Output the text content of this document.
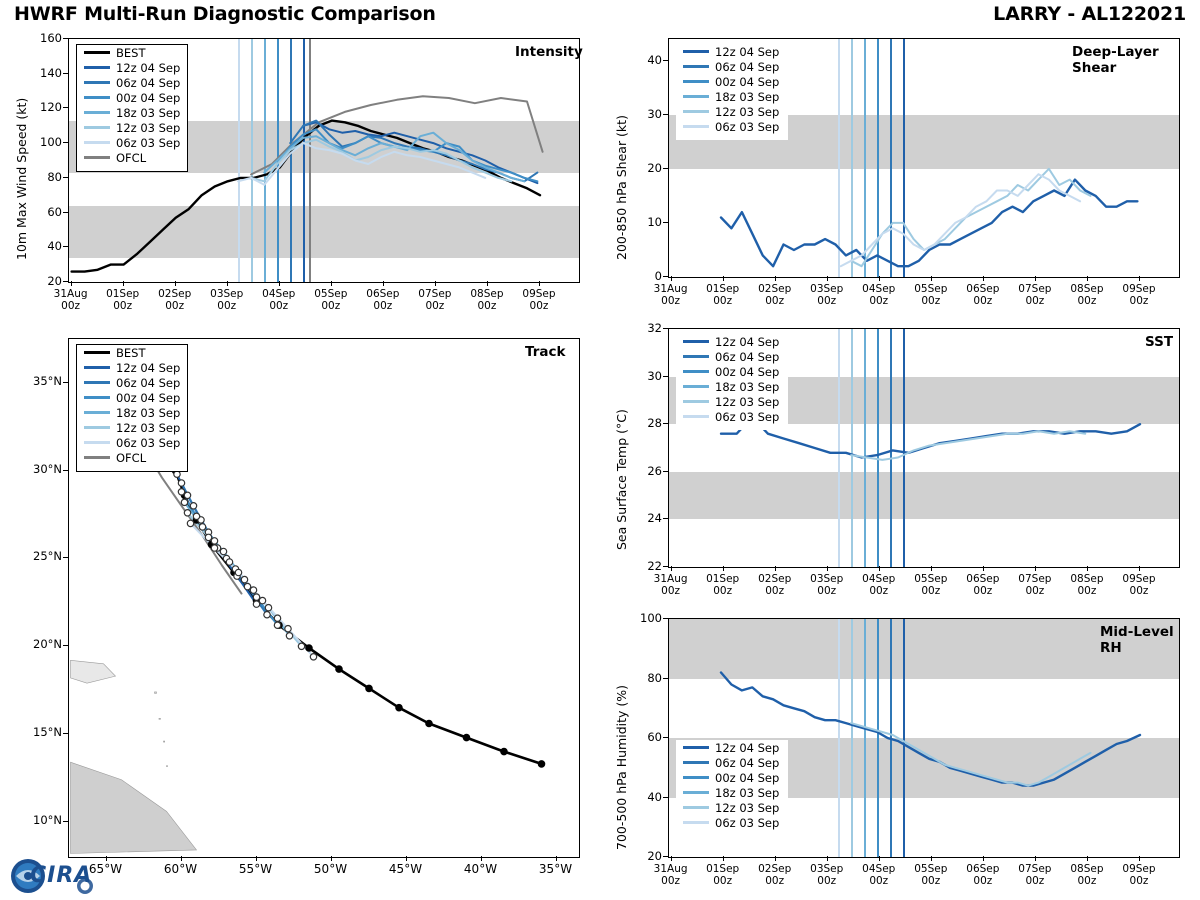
HWRF Multi-Run Diagnostic Comparison	LARRY - AL122021
10m Max Wind Speed (kt)
Intensity
BEST
12z 04 Sep
06z 04 Sep
00z 04 Sep
18z 03 Sep
12z 03 Sep
06z 03 Sep
OFCL
20
40
60
80
100
120
140
160
31Aug
00z
01Sep
00z
02Sep
00z
03Sep
00z
04Sep
00z
05Sep
00z
06Sep
00z
07Sep
00z
08Sep
00z
09Sep
00z
Track
BEST
12z 04 Sep
06z 04 Sep
00z 04 Sep
18z 03 Sep
12z 03 Sep
06z 03 Sep
OFCL
CIRA
10°N
15°N
20°N
25°N
30°N
35°N
65°W	60°W	55°W	50°W	45°W	40°W	35°W
200-850 hPa Shear (kt)
Deep-Layer Shear
12z 04 Sep
06z 04 Sep
00z 04 Sep
18z 03 Sep
12z 03 Sep
06z 03 Sep
0
10
20
30
40
31Aug
00z
01Sep
00z
02Sep
00z
03Sep
00z
04Sep
00z
05Sep
00z
06Sep
00z
07Sep
00z
08Sep
00z
09Sep
00z
Sea Surface Temp (°C)
SST
12z 04 Sep
06z 04 Sep
00z 04 Sep
18z 03 Sep
12z 03 Sep
06z 03 Sep
22
24
26
28
30
32
31Aug
00z
01Sep
00z
02Sep
00z
03Sep
00z
04Sep
00z
05Sep
00z
06Sep
00z
07Sep
00z
08Sep
00z
09Sep
00z
700-500 hPa Humidity (%)
Mid-Level RH
12z 04 Sep
06z 04 Sep
00z 04 Sep
18z 03 Sep
12z 03 Sep
06z 03 Sep
20
40
60
80
100
31Aug
00z
01Sep
00z
02Sep
00z
03Sep
00z
04Sep
00z
05Sep
00z
06Sep
00z
07Sep
00z
08Sep
00z
09Sep
00z
